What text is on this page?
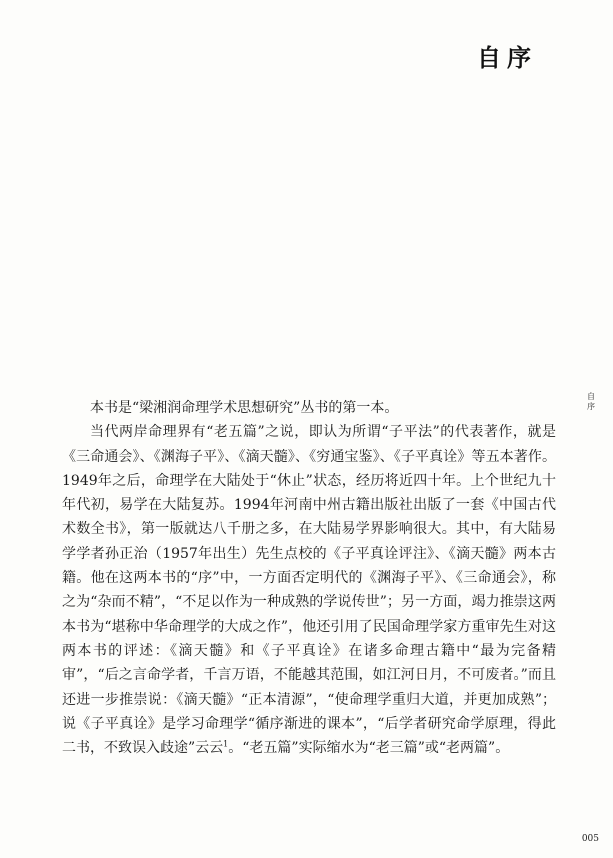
自序
自序

本书是“梁湘润命理学术思想研究”丛书的第一本。

当代两岸命理界有“老五篇”之说，即认为所谓“子平法”的代表著作，就是《三命通会》、《渊海子平》、《滴天髓》、《穷通宝鉴》、《子平真诠》等五本著作。1949年之后，命理学在大陆处于“休止”状态，经历将近四十年。上个世纪九十年代初，易学在大陆复苏。1994年河南中州古籍出版社出版了一套《中国古代术数全书》，第一版就达八千册之多，在大陆易学界影响很大。其中，有大陆易学学者孙正治（1957年出生）先生点校的《子平真诠评注》、《滴天髓》两本古籍。他在这两本书的“序”中，一方面否定明代的《渊海子平》、《三命通会》，称之为“杂而不精”，“不足以作为一种成熟的学说传世”；另一方面，竭力推崇这两本书为“堪称中华命理学的大成之作”，他还引用了民国命理学家方重审先生对这两本书的评述：《滴天髓》和《子平真诠》在诸多命理古籍中“最为完备精审”，“后之言命学者，千言万语，不能越其范围，如江河日月，不可废者。”而且还进一步推崇说：《滴天髓》“正本清源”，“使命理学重归大道，并更加成熟”；说《子平真诠》是学习命理学“循序渐进的课本”，“后学者研究命学原理，得此二书，不致误入歧途”云云$^1$。“老五篇”实际缩水为“老三篇”或“老两篇”。

005
